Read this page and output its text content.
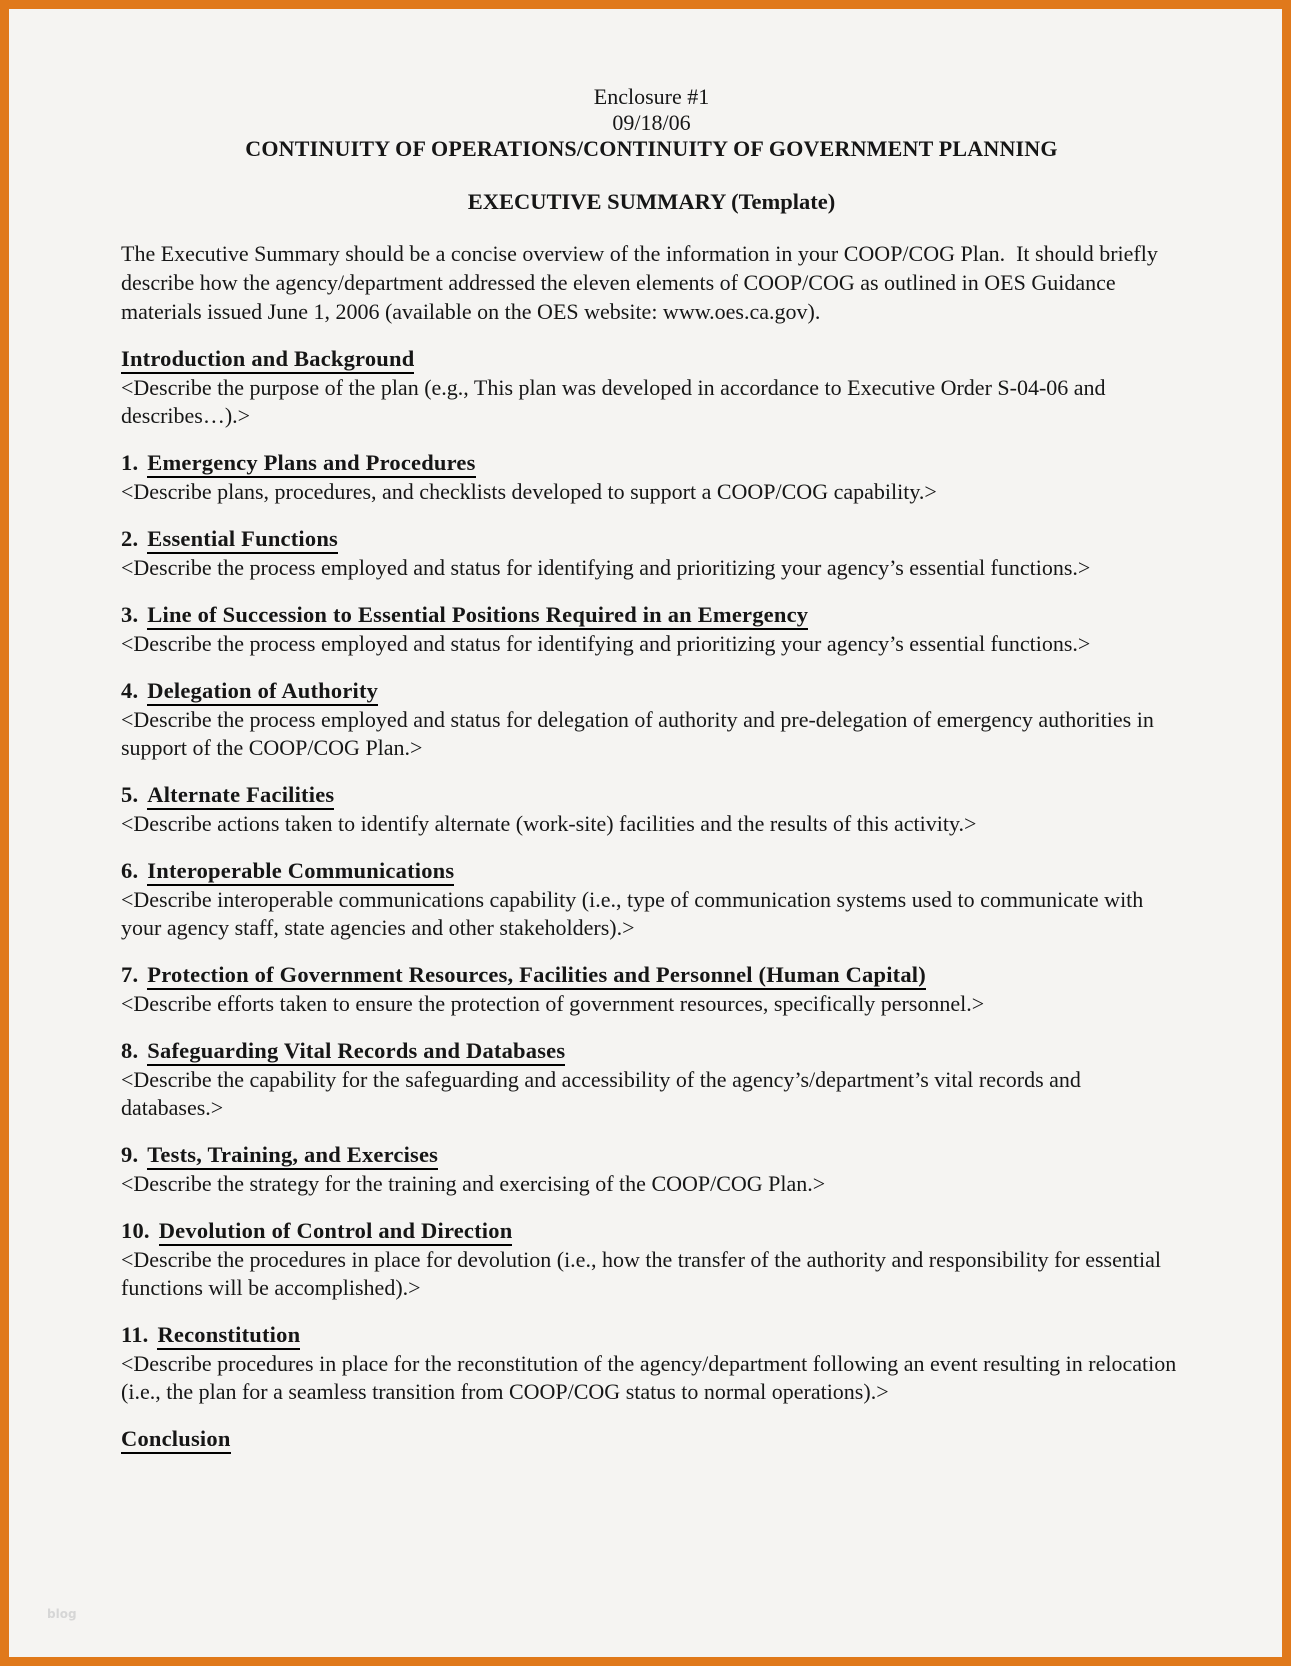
Enclosure #1

09/18/06

CONTINUITY OF OPERATIONS/CONTINUITY OF GOVERNMENT PLANNING

EXECUTIVE SUMMARY (Template)

The Executive Summary should be a concise overview of the information in your COOP/COG Plan.  It should briefly describe how the agency/department addressed the eleven elements of COOP/COG as outlined in OES Guidance materials issued June 1, 2006 (available on the OES website: www.oes.ca.gov).

Introduction and Background

<Describe the purpose of the plan (e.g., This plan was developed in accordance to Executive Order S-04-06 and describes…).>

1. Emergency Plans and Procedures

<Describe plans, procedures, and checklists developed to support a COOP/COG capability.>

2. Essential Functions

<Describe the process employed and status for identifying and prioritizing your agency’s essential functions.>

3. Line of Succession to Essential Positions Required in an Emergency

<Describe the process employed and status for identifying and prioritizing your agency’s essential functions.>

4. Delegation of Authority

<Describe the process employed and status for delegation of authority and pre-delegation of emergency authorities in support of the COOP/COG Plan.>

5. Alternate Facilities

<Describe actions taken to identify alternate (work-site) facilities and the results of this activity.>

6. Interoperable Communications

<Describe interoperable communications capability (i.e., type of communication systems used to communicate with your agency staff, state agencies and other stakeholders).>

7. Protection of Government Resources, Facilities and Personnel (Human Capital)

<Describe efforts taken to ensure the protection of government resources, specifically personnel.>

8. Safeguarding Vital Records and Databases

<Describe the capability for the safeguarding and accessibility of the agency’s/department’s vital records and databases.>

9. Tests, Training, and Exercises

<Describe the strategy for the training and exercising of the COOP/COG Plan.>

10. Devolution of Control and Direction

<Describe the procedures in place for devolution (i.e., how the transfer of the authority and responsibility for essential functions will be accomplished).>

11. Reconstitution

<Describe procedures in place for the reconstitution of the agency/department following an event resulting in relocation (i.e., the plan for a seamless transition from COOP/COG status to normal operations).>

Conclusion

blog
